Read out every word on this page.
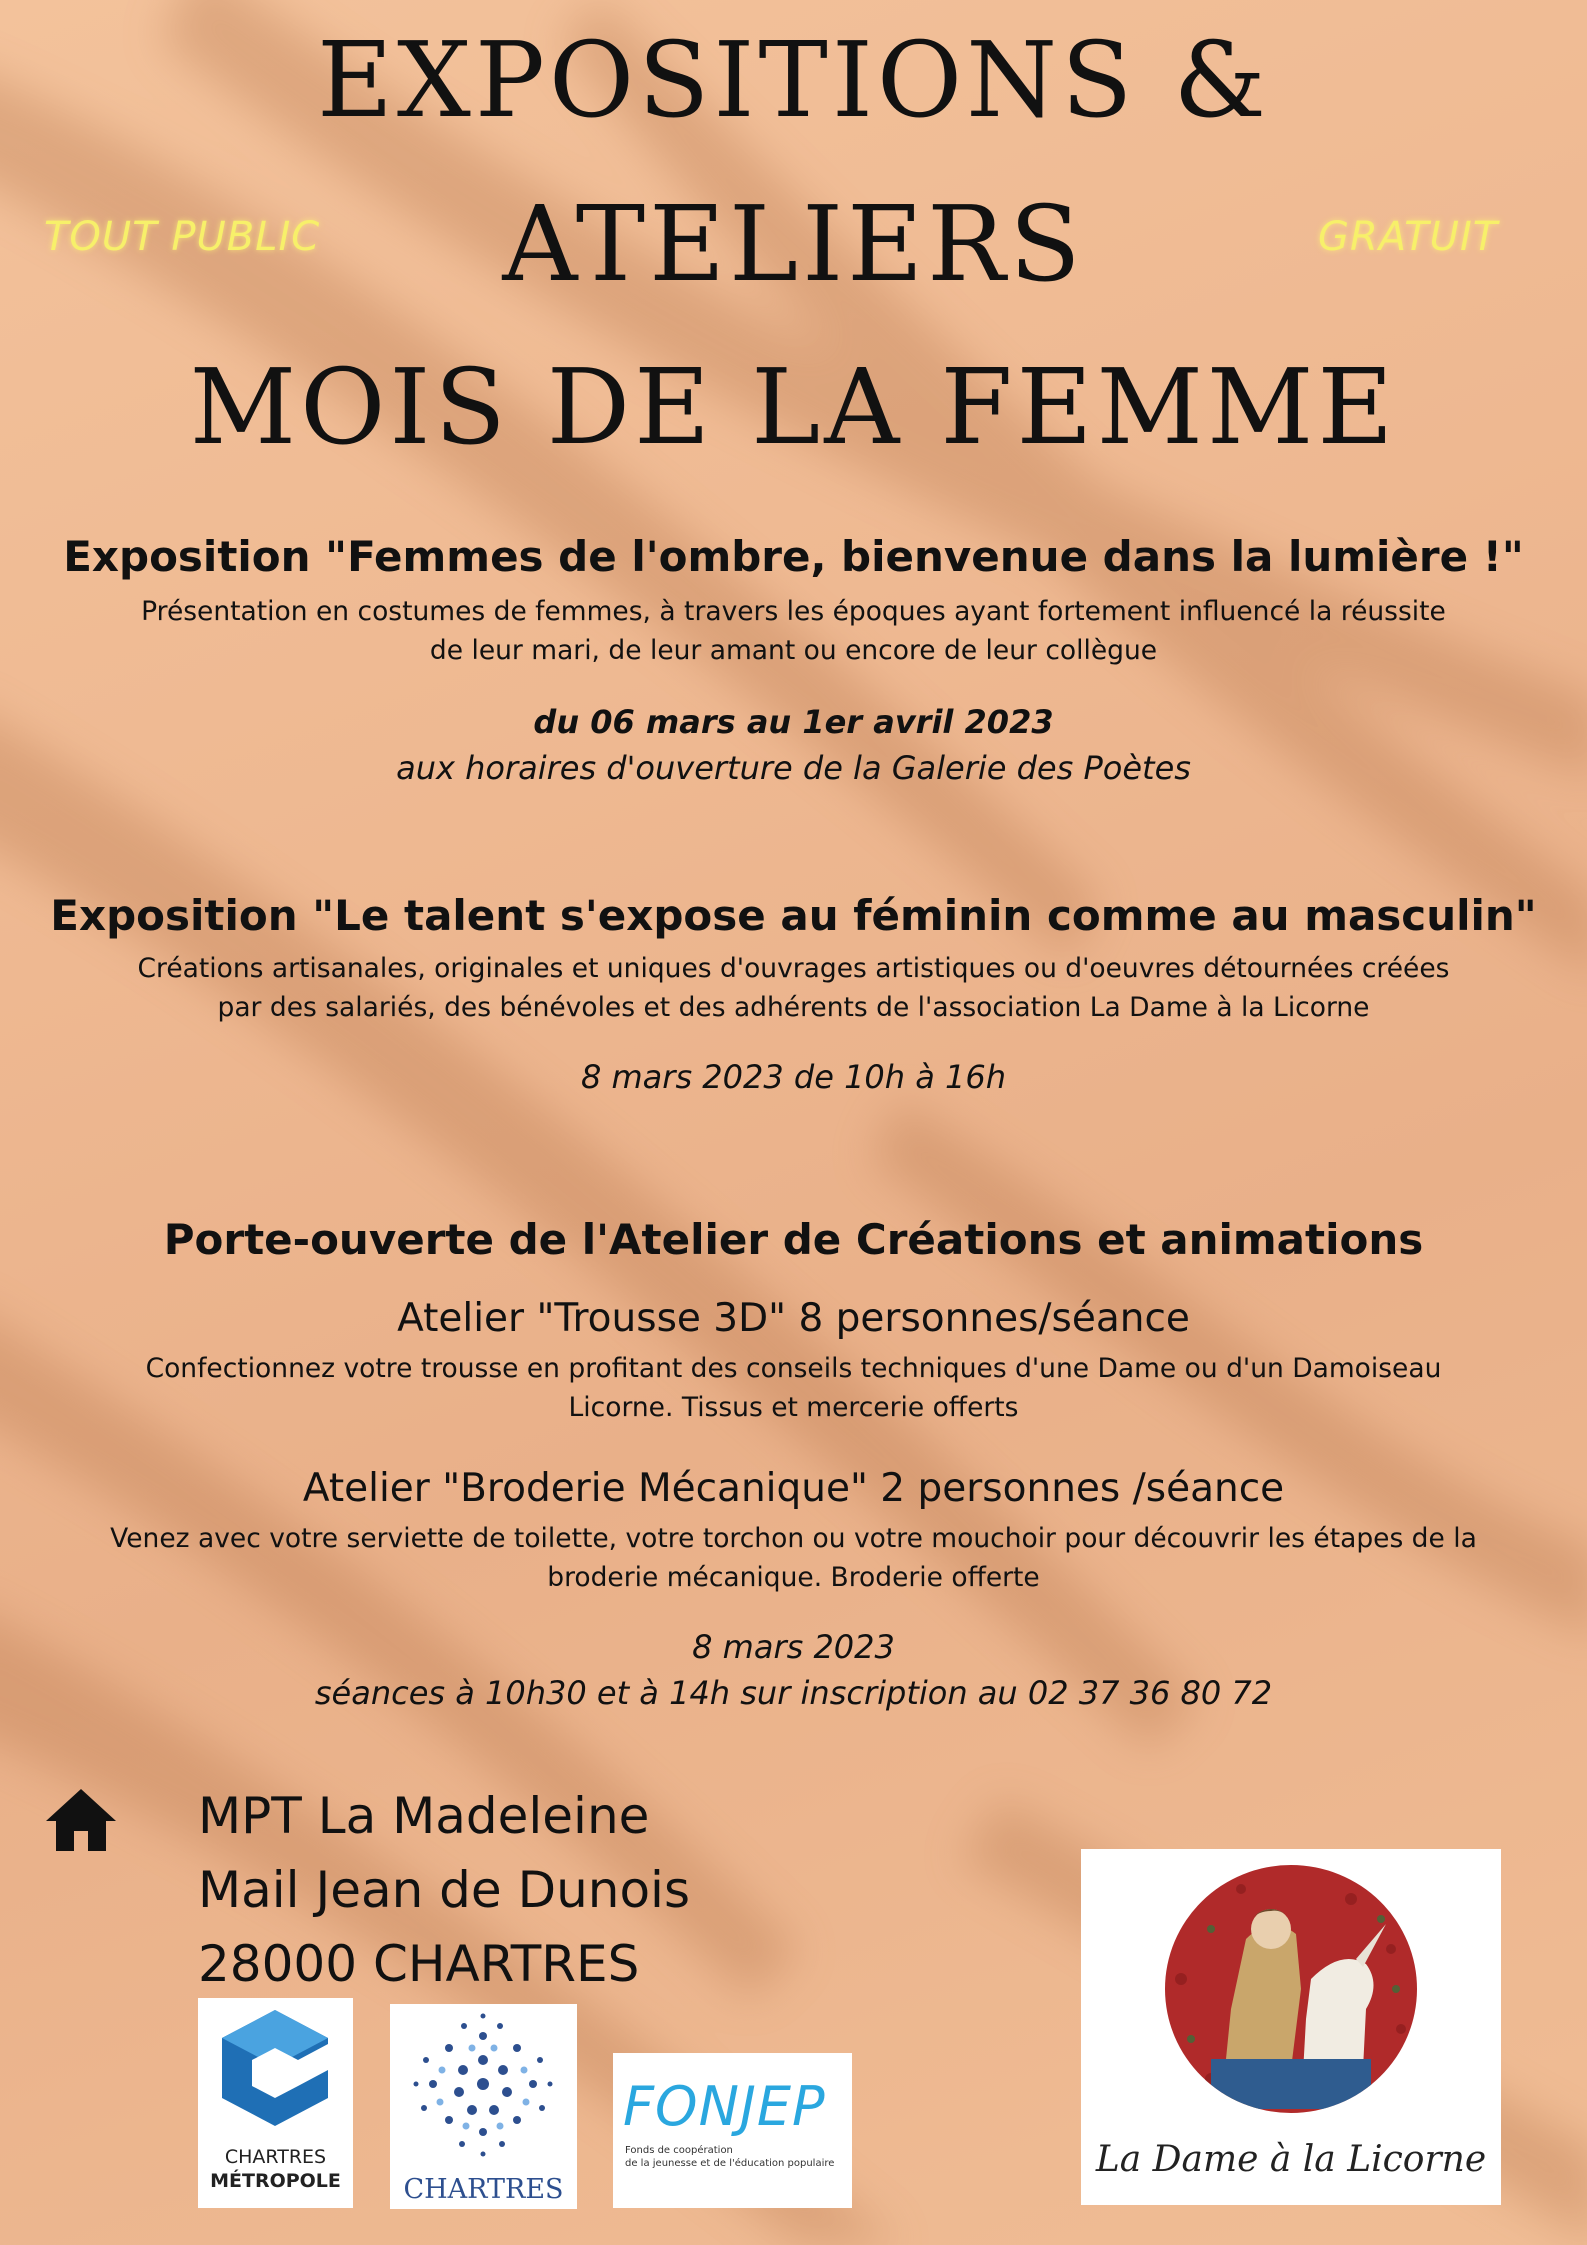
EXPOSITIONS &
ATELIERS
MOIS DE LA FEMME
TOUT PUBLIC	GRATUIT
Exposition "Femmes de l'ombre, bienvenue dans la lumière !"
Présentation en costumes de femmes, à travers les époques ayant fortement influencé la réussite
de leur mari, de leur amant ou encore de leur collègue
du 06 mars au 1er avril 2023
aux horaires d'ouverture de la Galerie des Poètes
Exposition "Le talent s'expose au féminin comme au masculin"
Créations artisanales, originales et uniques d'ouvrages artistiques ou d'oeuvres détournées créées
par des salariés, des bénévoles et des adhérents de l'association La Dame à la Licorne
8 mars 2023 de 10h à 16h
Porte-ouverte de l'Atelier de Créations et animations
Atelier "Trousse 3D" 8 personnes/séance
Confectionnez votre trousse en profitant des conseils techniques d'une Dame ou d'un Damoiseau
Licorne. Tissus et mercerie offerts
Atelier "Broderie Mécanique" 2 personnes /séance
Venez avec votre serviette de toilette, votre torchon ou votre mouchoir pour découvrir les étapes de la
broderie mécanique. Broderie offerte
8 mars 2023
séances à 10h30 et à 14h sur inscription au 02 37 36 80 72
MPT La Madeleine
Mail Jean de Dunois
28000 CHARTRES
CHARTRES
MÉTROPOLE	CHARTRES
FONJEP
Fonds de coopération
de la jeunesse et de l'éducation populaire	La Dame à la Licorne
